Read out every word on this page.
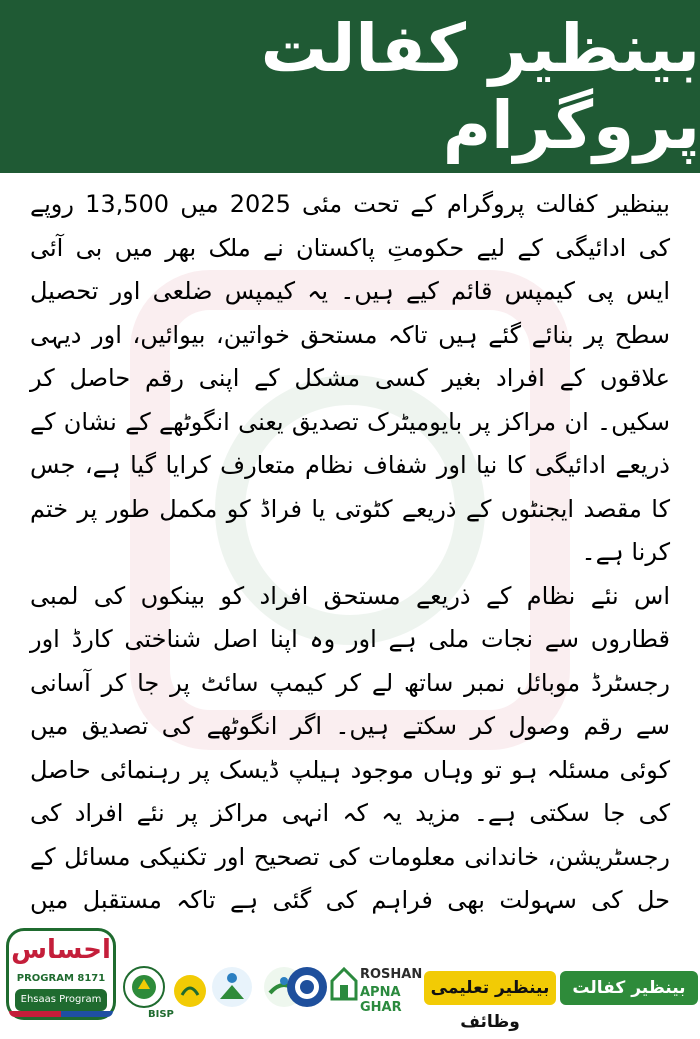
بینظیر کفالت پروگرام

بینظیر کفالت پروگرام کے تحت مئی 2025 میں 13,500 روپے کی ادائیگی کے لیے حکومتِ پاکستان نے ملک بھر میں بی آئی ایس پی کیمپس قائم کیے ہیں۔ یہ کیمپس ضلعی اور تحصیل سطح پر بنائے گئے ہیں تاکہ مستحق خواتین، بیوائیں، اور دیہی علاقوں کے افراد بغیر کسی مشکل کے اپنی رقم حاصل کر سکیں۔ ان مراکز پر بایومیٹرک تصدیق یعنی انگوٹھے کے نشان کے ذریعے ادائیگی کا نیا اور شفاف نظام متعارف کرایا گیا ہے، جس کا مقصد ایجنٹوں کے ذریعے کٹوتی یا فراڈ کو مکمل طور پر ختم کرنا ہے۔

اس نئے نظام کے ذریعے مستحق افراد کو بینکوں کی لمبی قطاروں سے نجات ملی ہے اور وہ اپنا اصل شناختی کارڈ اور رجسٹرڈ موبائل نمبر ساتھ لے کر کیمپ سائٹ پر جا کر آسانی سے رقم وصول کر سکتے ہیں۔ اگر انگوٹھے کی تصدیق میں کوئی مسئلہ ہو تو وہاں موجود ہیلپ ڈیسک پر رہنمائی حاصل کی جا سکتی ہے۔ مزید یہ کہ انہی مراکز پر نئے افراد کی رجسٹریشن، خاندانی معلومات کی تصحیح اور تکنیکی مسائل کے حل کی سہولت بھی فراہم کی گئی ہے تاکہ مستقبل میں

احساس
PROGRAM 8171
Ehsaas Program
BISP
ROSHAN
APNA GHAR
بینظیر تعلیمی وظائف
بینظیر کفالت
